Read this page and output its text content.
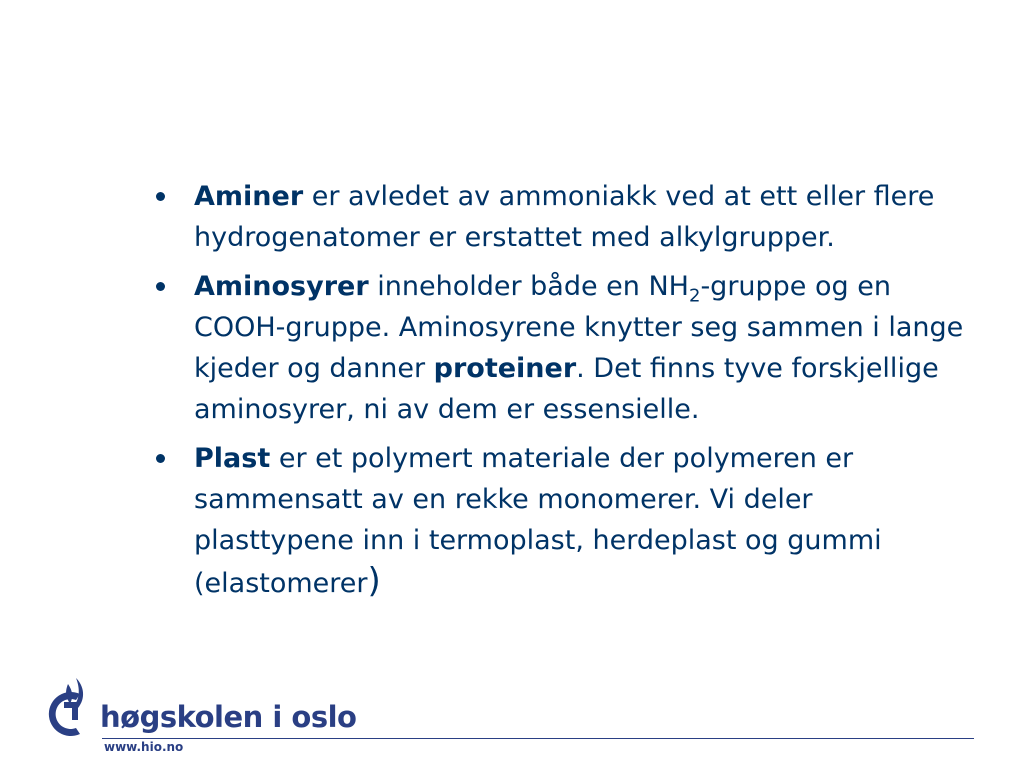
Aminer er avledet av ammoniakk ved at ett eller flere hydrogenatomer er erstattet med alkylgrupper.
Aminosyrer inneholder både en $NH_2$-gruppe og en COOH-gruppe. Aminosyrene knytter seg sammen i lange kjeder og danner proteiner. Det finns tyve forskjellige aminosyrer, ni av dem er essensielle.
Plast er et polymert materiale der polymeren er sammensatt av en rekke monomerer. Vi deler plasttypene inn i termoplast, herdeplast og gummi (elastomerer)
høgskolen i oslo
www.hio.no
